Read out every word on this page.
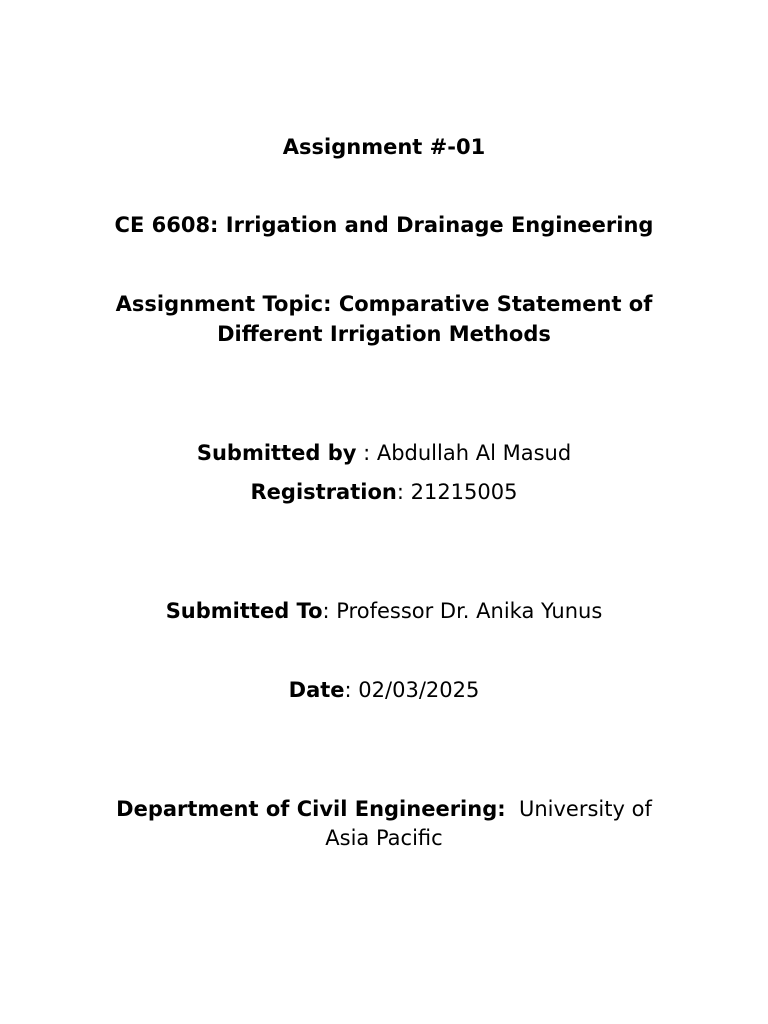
Assignment #-01
CE 6608: Irrigation and Drainage Engineering
Assignment Topic: Comparative Statement of
Different Irrigation Methods
Submitted by : Abdullah Al Masud
Registration: 21215005
Submitted To: Professor Dr. Anika Yunus
Date: 02/03/2025
Department of Civil Engineering:  University of
Asia Pacific
